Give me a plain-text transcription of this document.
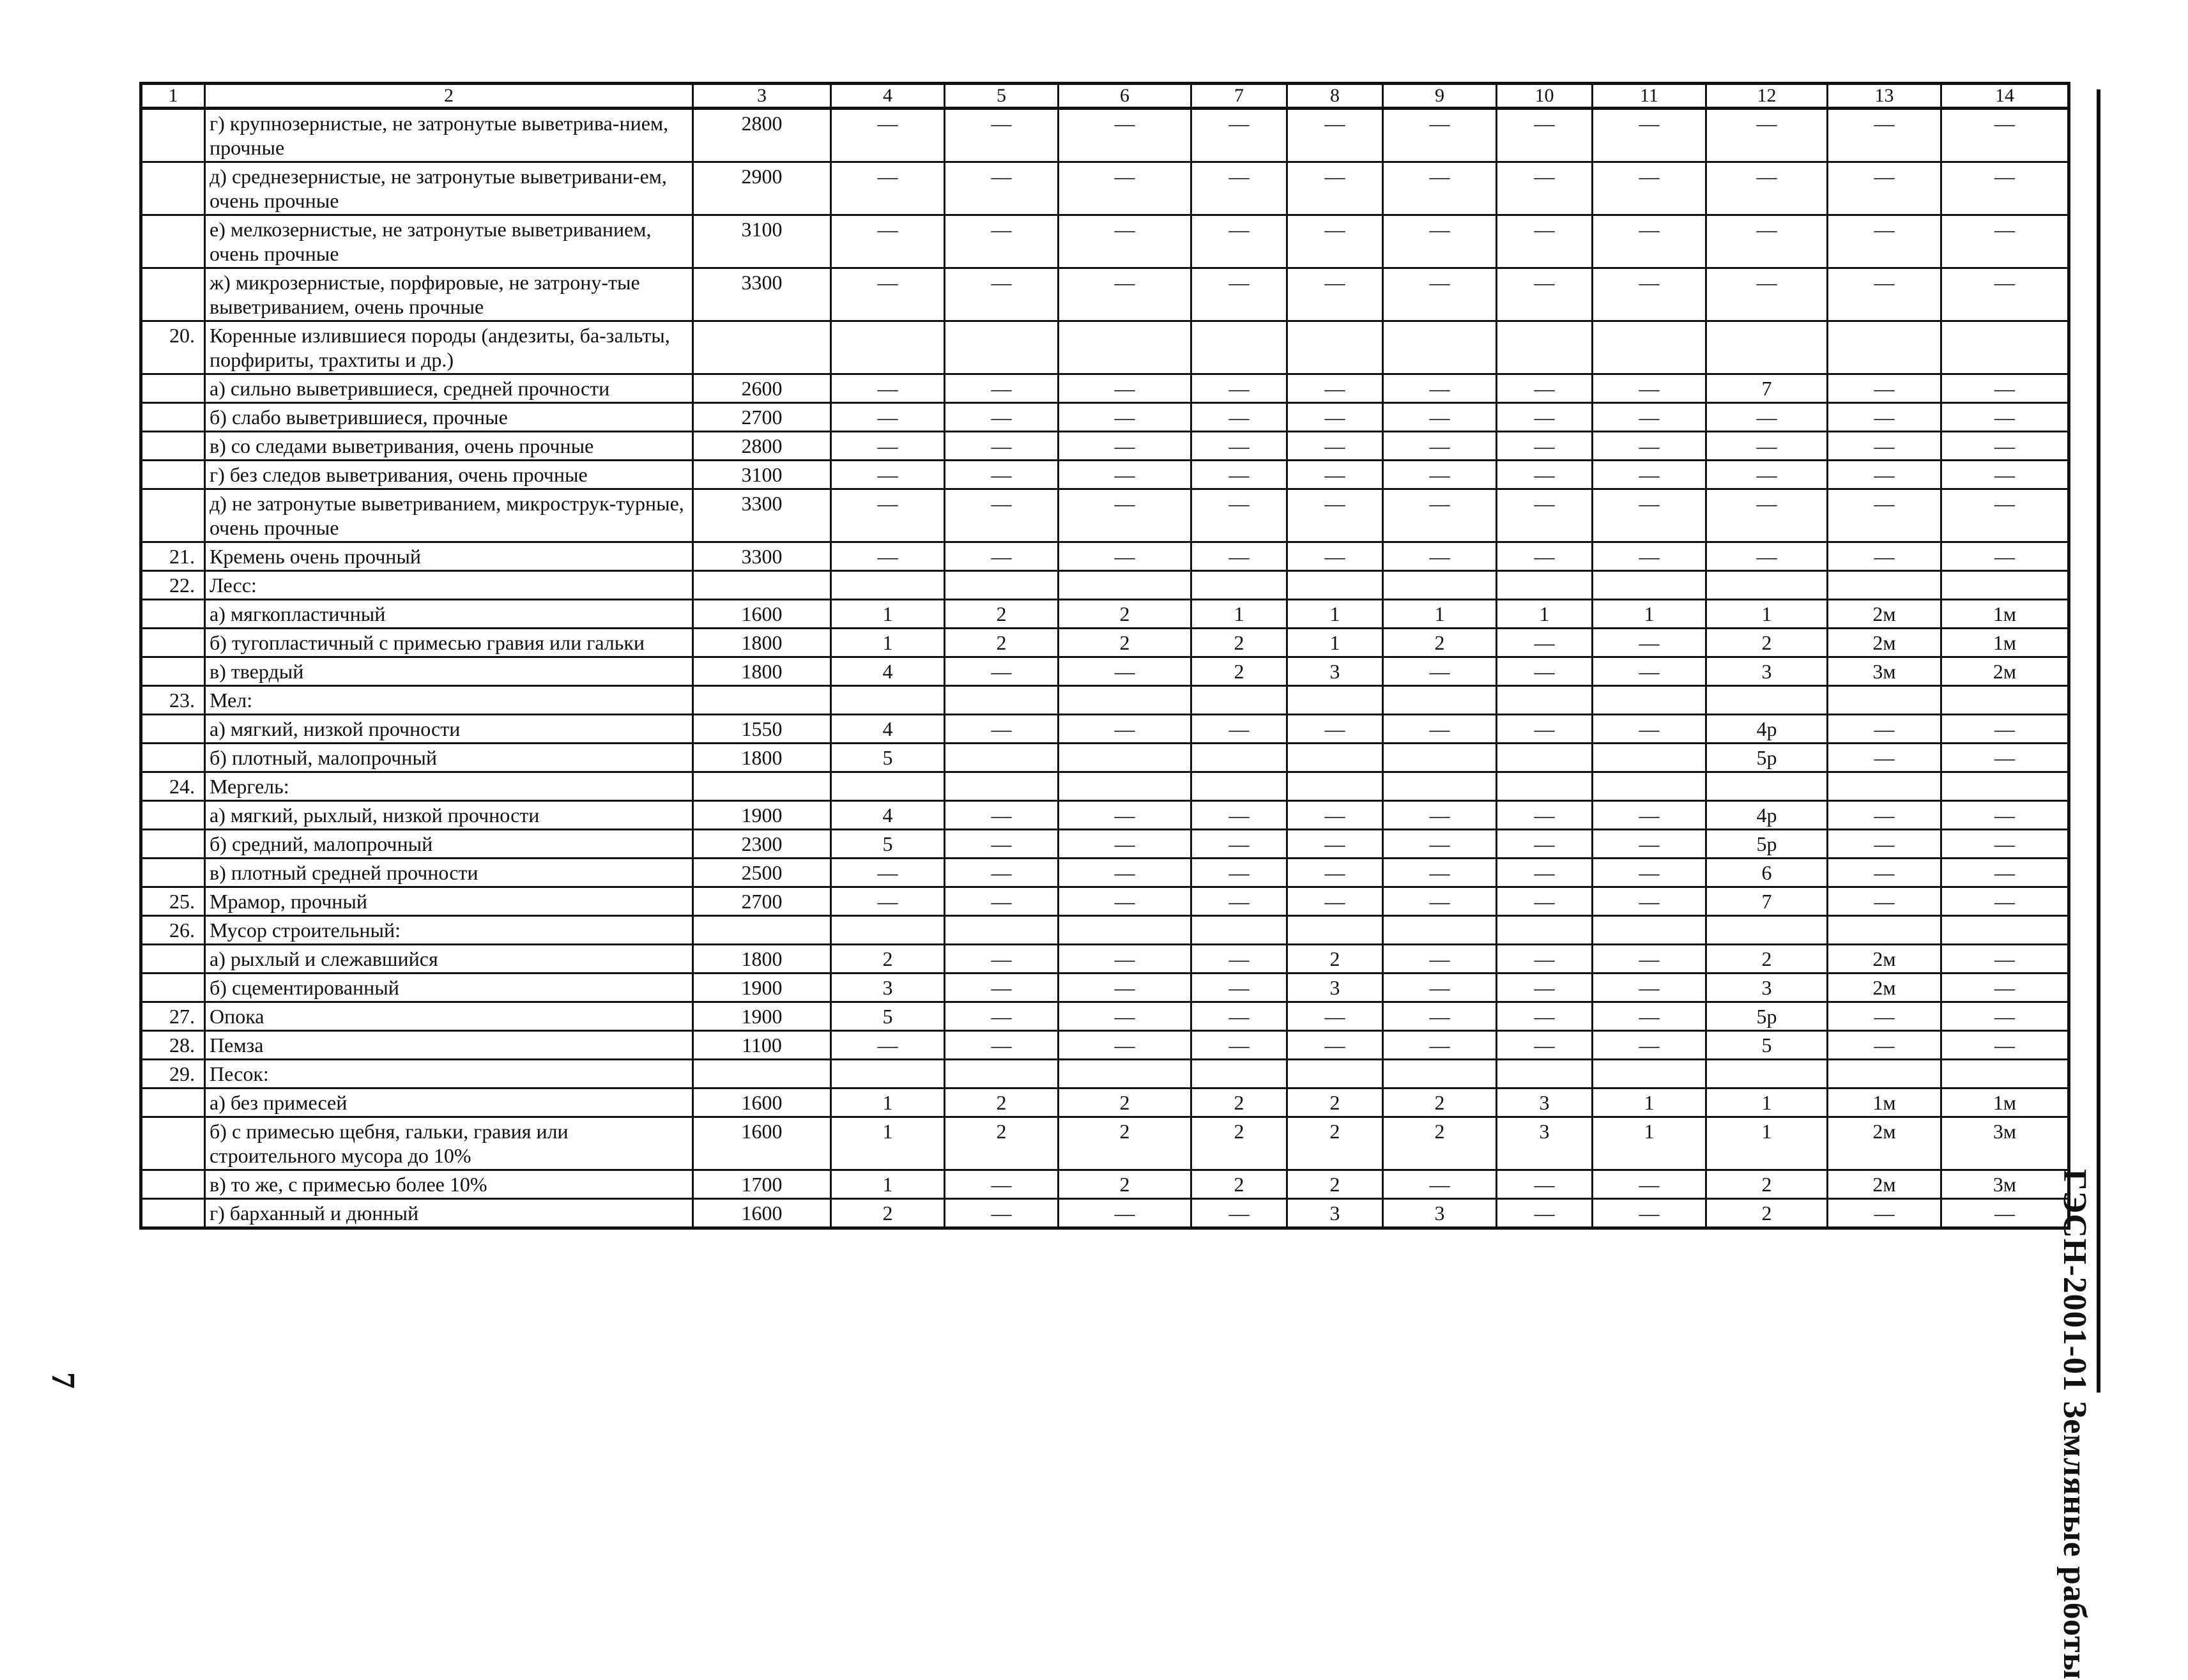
1	2	3	4	5	6	7	8	9	10	11	12	13	14
	г) крупнозернистые, не затронутые выветрива-нием, прочные	2800	—	—	—	—	—	—	—	—	—	—	—
	д) среднезернистые, не затронутые выветривани-ем, очень прочные	2900	—	—	—	—	—	—	—	—	—	—	—
	е) мелкозернистые, не затронутые выветриванием, очень прочные	3100	—	—	—	—	—	—	—	—	—	—	—
	ж) микрозернистые, порфировые, не затрону-тые выветриванием, очень прочные	3300	—	—	—	—	—	—	—	—	—	—	—
20.	Коренные излившиеся породы (андезиты, ба-зальты, порфириты, трахтиты и др.)												
	а) сильно выветрившиеся, средней прочности	2600	—	—	—	—	—	—	—	—	7	—	—
	б) слабо выветрившиеся, прочные	2700	—	—	—	—	—	—	—	—	—	—	—
	в) со следами выветривания, очень прочные	2800	—	—	—	—	—	—	—	—	—	—	—
	г) без следов выветривания, очень прочные	3100	—	—	—	—	—	—	—	—	—	—	—
	д) не затронутые выветриванием, микрострук-турные, очень прочные	3300	—	—	—	—	—	—	—	—	—	—	—
21.	Кремень очень прочный	3300	—	—	—	—	—	—	—	—	—	—	—
22.	Лесс:												
	а) мягкопластичный	1600	1	2	2	1	1	1	1	1	1	2м	1м
	б) тугопластичный с примесью гравия или гальки	1800	1	2	2	2	1	2	—	—	2	2м	1м
	в) твердый	1800	4	—	—	2	3	—	—	—	3	3м	2м
23.	Мел:												
	а) мягкий, низкой прочности	1550	4	—	—	—	—	—	—	—	4р	—	—
	б) плотный, малопрочный	1800	5								5р	—	—
24.	Мергель:												
	а) мягкий, рыхлый, низкой прочности	1900	4	—	—	—	—	—	—	—	4р	—	—
	б) средний, малопрочный	2300	5	—	—	—	—	—	—	—	5р	—	—
	в) плотный средней прочности	2500	—	—	—	—	—	—	—	—	6	—	—
25.	Мрамор, прочный	2700	—	—	—	—	—	—	—	—	7	—	—
26.	Мусор строительный:												
	а) рыхлый и слежавшийся	1800	2	—	—	—	2	—	—	—	2	2м	—
	б) сцементированный	1900	3	—	—	—	3	—	—	—	3	2м	—
27.	Опока	1900	5	—	—	—	—	—	—	—	5р	—	—
28.	Пемза	1100	—	—	—	—	—	—	—	—	5	—	—
29.	Песок:												
	а) без примесей	1600	1	2	2	2	2	2	3	1	1	1м	1м
	б) с примесью щебня, гальки, гравия или строительного мусора до 10%	1600	1	2	2	2	2	2	3	1	1	2м	3м
	в) то же, с примесью более 10%	1700	1	—	2	2	2	—	—	—	2	2м	3м
	г) барханный и дюнный	1600	2	—	—	—	3	3	—	—	2	—	— ГЭСН-2001-01 Земляные работы
7
